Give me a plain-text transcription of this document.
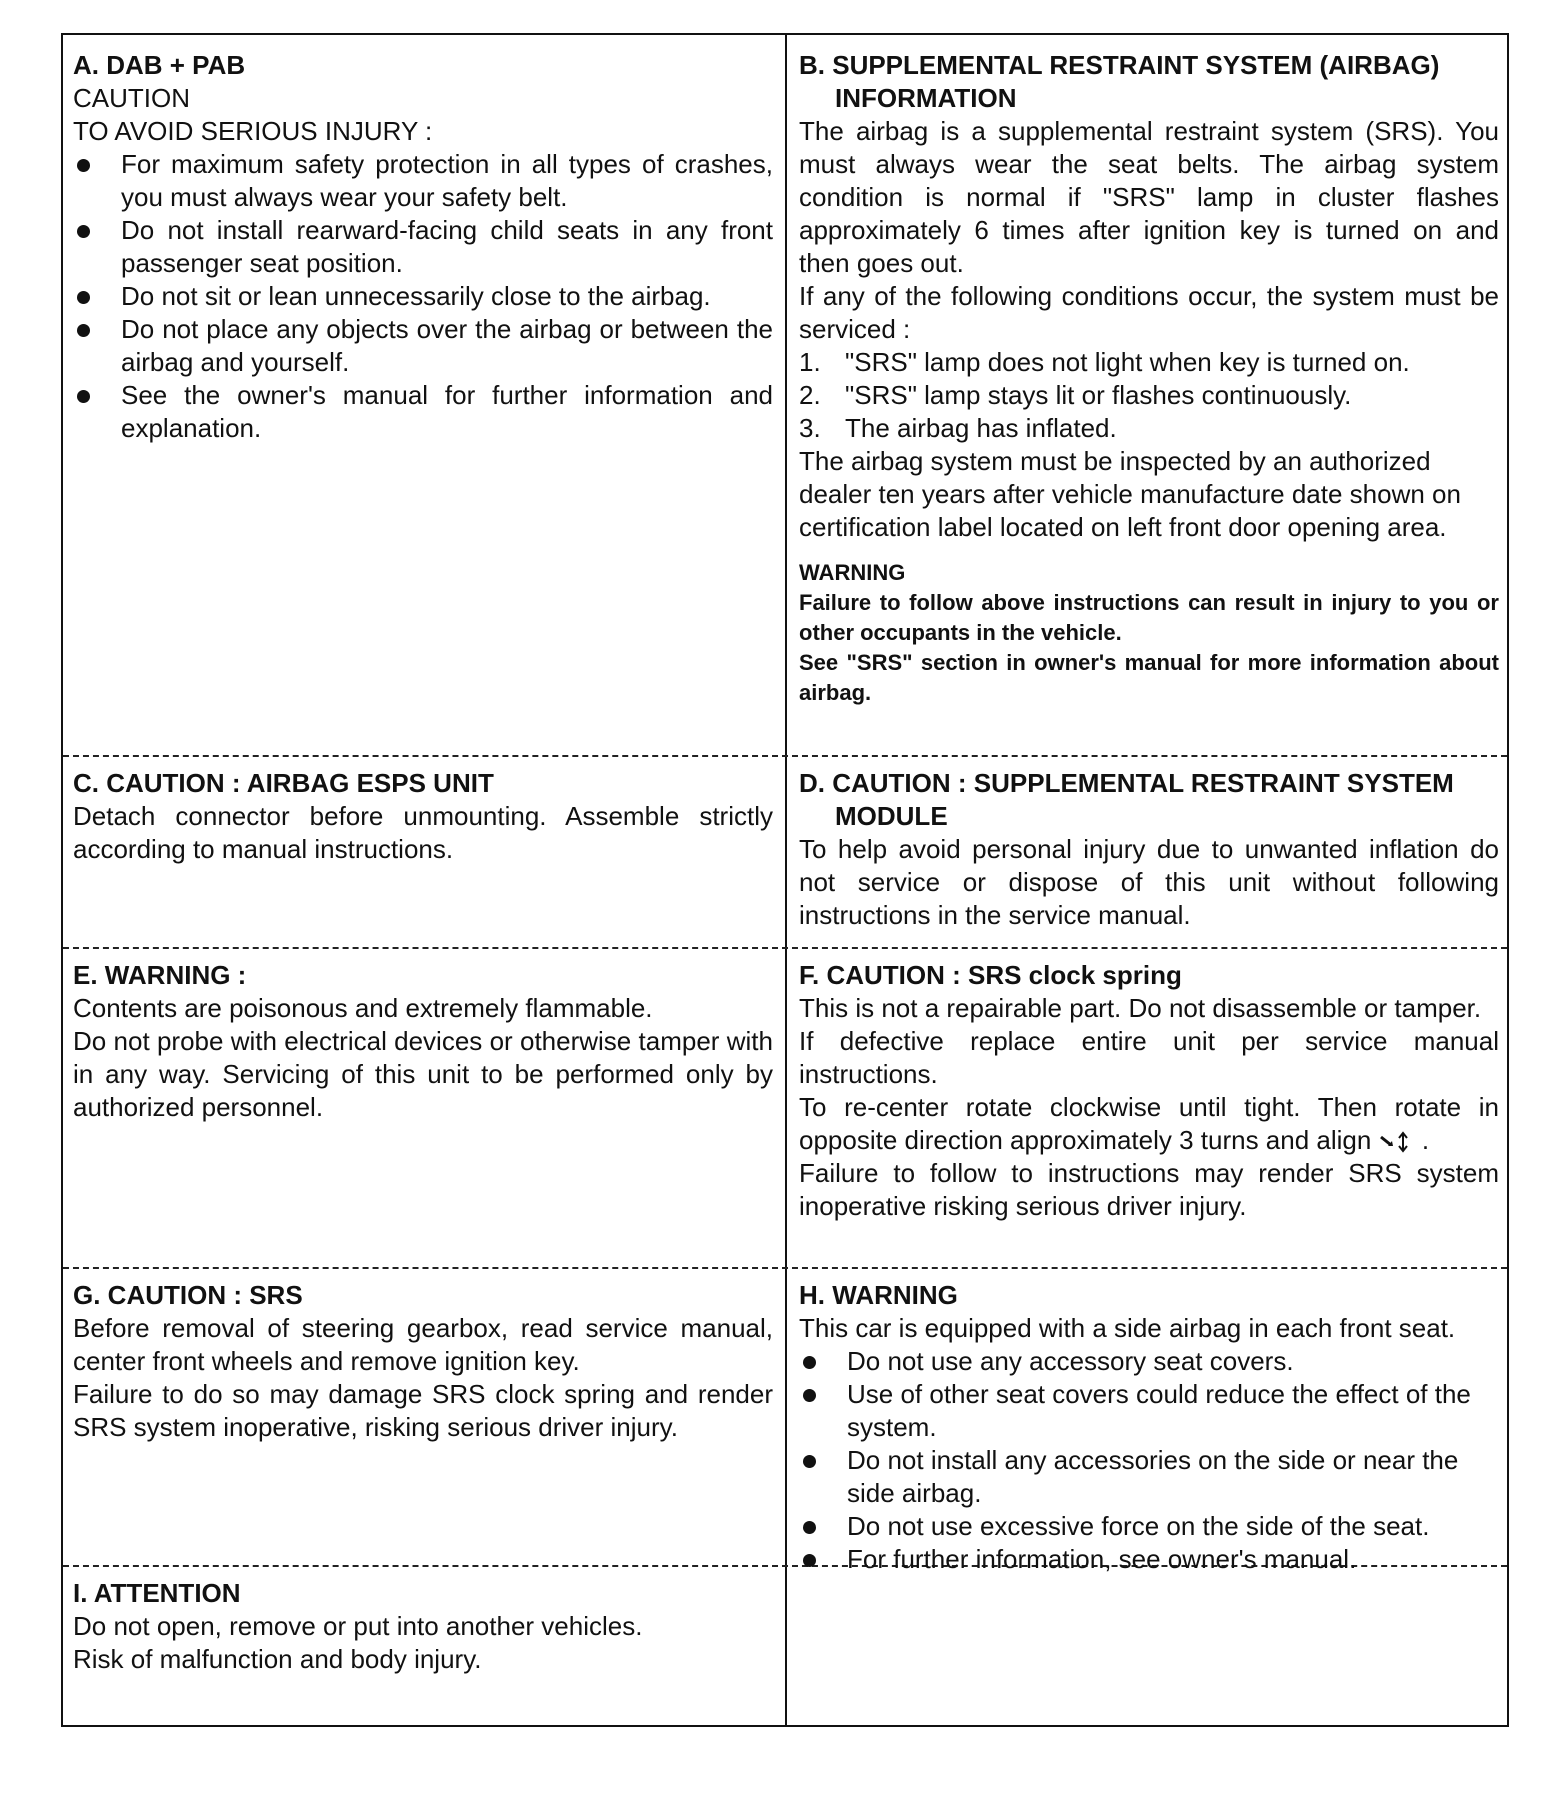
A. DAB + PAB

CAUTION

TO AVOID SERIOUS INJURY :

For maximum safety protection in all types of crashes, you must always wear your safety belt.
Do not install rearward-facing child seats in any front passenger seat position.
Do not sit or lean unnecessarily close to the airbag.
Do not place any objects over the airbag or between the airbag and yourself.
See the owner's manual for further information and explanation.

B. SUPPLEMENTAL RESTRAINT SYSTEM (AIRBAG)
INFORMATION

The airbag is a supplemental restraint system (SRS). You must always wear the seat belts. The airbag system condition is normal if "SRS" lamp in cluster flashes approximately 6 times after ignition key is turned on and then goes out.

If any of the following conditions occur, the system must be serviced :

1. "SRS" lamp does not light when key is turned on.
2. "SRS" lamp stays lit or flashes continuously.
3. The airbag has inflated.

The airbag system must be inspected by an authorized dealer ten years after vehicle manufacture date shown on certification label located on left front door opening area.

WARNING
Failure to follow above instructions can result in injury to you or other occupants in the vehicle.
See "SRS" section in owner's manual for more information about airbag.

C. CAUTION : AIRBAG ESPS UNIT

Detach connector before unmounting. Assemble strictly according to manual instructions.

D. CAUTION : SUPPLEMENTAL RESTRAINT SYSTEM
MODULE

To help avoid personal injury due to unwanted inflation do not service or dispose of this unit without following instructions in the service manual.

E. WARNING :

Contents are poisonous and extremely flammable.

Do not probe with electrical devices or otherwise tamper with in any way. Servicing of this unit to be performed only by authorized personnel.

F. CAUTION : SRS clock spring

This is not a repairable part. Do not disassemble or tamper.

If defective replace entire unit per service manual instructions.

To re-center rotate clockwise until tight. Then rotate in opposite direction approximately 3 turns and align .

Failure to follow to instructions may render SRS system inoperative risking serious driver injury.

G. CAUTION : SRS

Before removal of steering gearbox, read service manual, center front wheels and remove ignition key.

Failure to do so may damage SRS clock spring and render SRS system inoperative, risking serious driver injury.

H. WARNING

This car is equipped with a side airbag in each front seat.

Do not use any accessory seat covers.
Use of other seat covers could reduce the effect of the system.
Do not install any accessories on the side or near the side airbag.
Do not use excessive force on the side of the seat.
For further information, see owner's manual.

I. ATTENTION

Do not open, remove or put into another vehicles.

Risk of malfunction and body injury.
